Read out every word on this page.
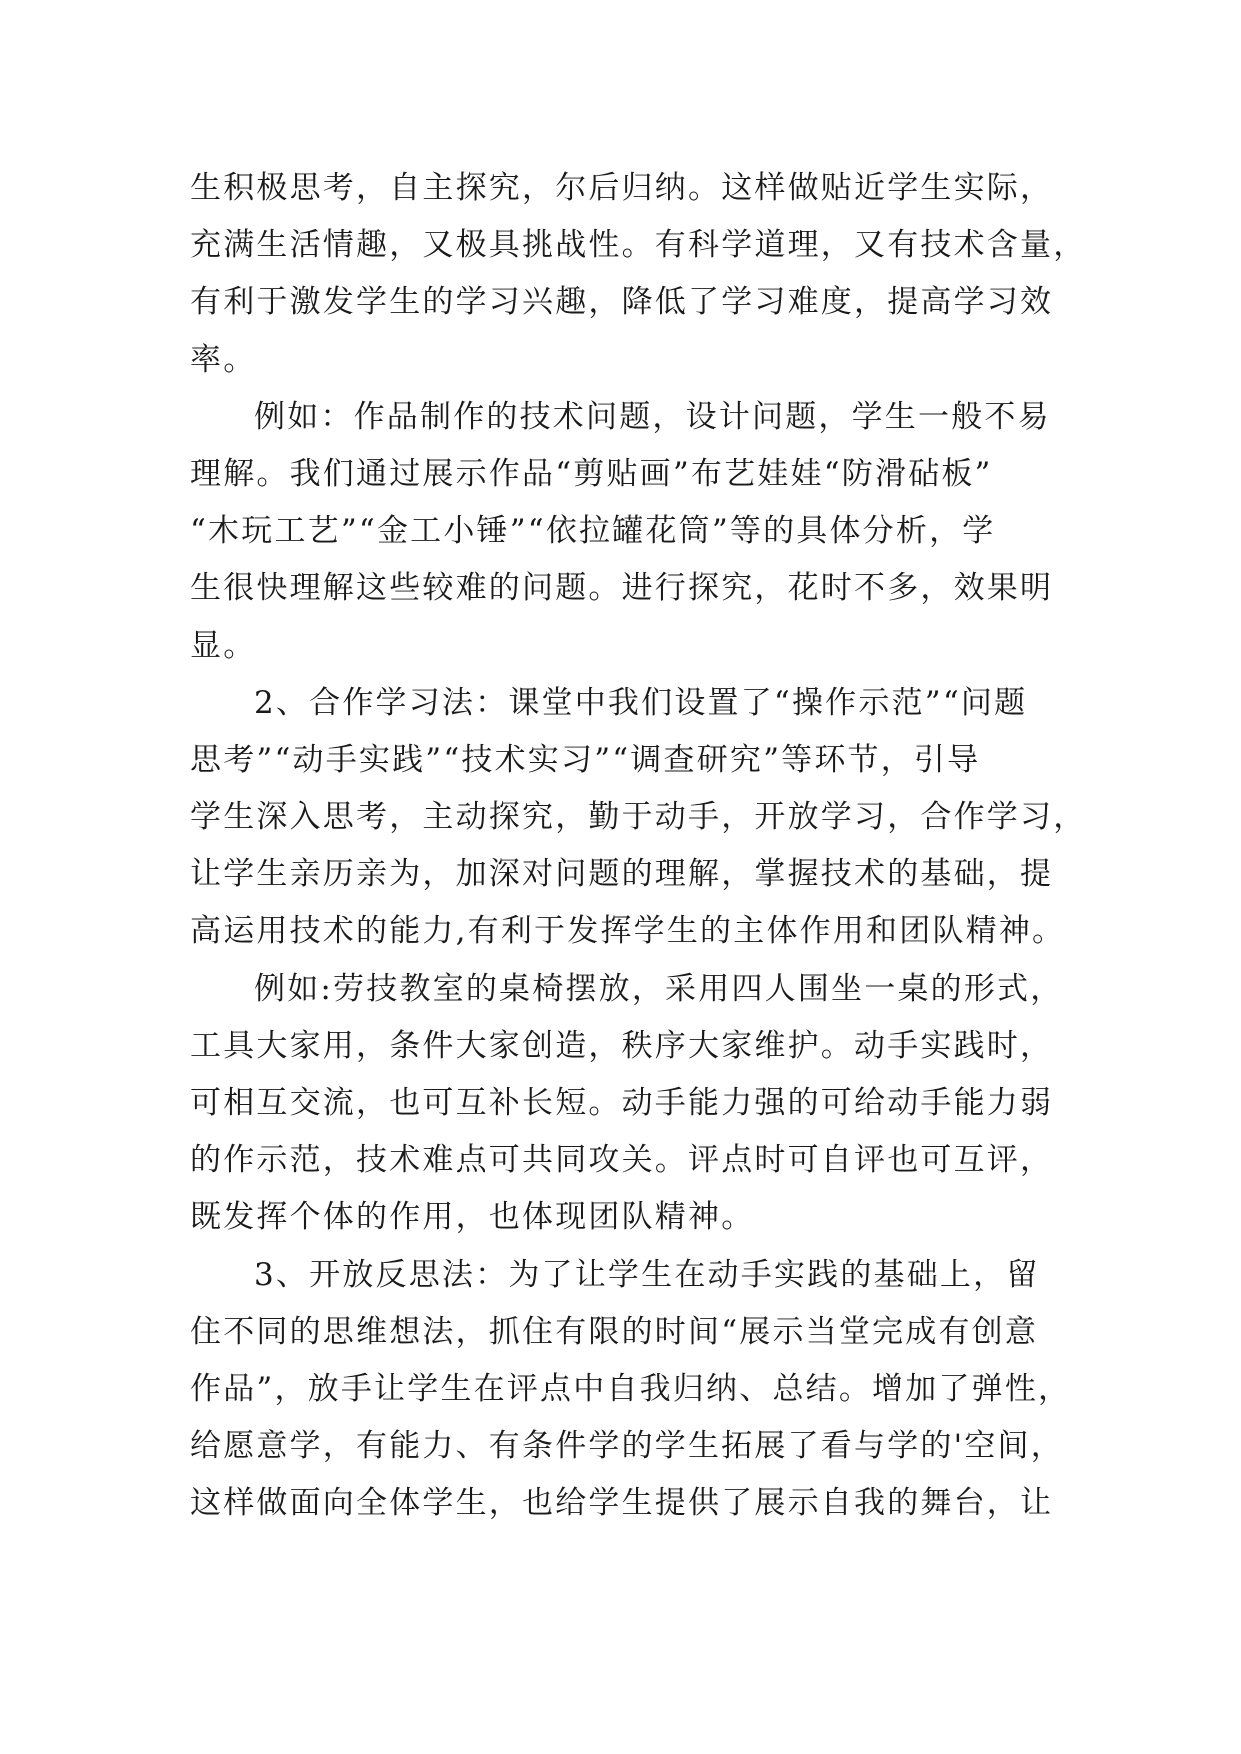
生积极思考，自主探究，尔后归纳。这样做贴近学生实际，
充满生活情趣，又极具挑战性。有科学道理，又有技术含量，
有利于激发学生的学习兴趣，降低了学习难度，提高学习效
率。
例如：作品制作的技术问题，设计问题，学生一般不易
理解。我们通过展示作品“剪贴画”布艺娃娃“防滑砧板”
“木玩工艺”“金工小锤”“依拉罐花筒”等的具体分析，学
生很快理解这些较难的问题。进行探究，花时不多，效果明
显。
2、合作学习法：课堂中我们设置了“操作示范”“问题
思考”“动手实践”“技术实习”“调查研究”等环节，引导
学生深入思考，主动探究，勤于动手，开放学习，合作学习，
让学生亲历亲为，加深对问题的理解，掌握技术的基础，提
高运用技术的能力,有利于发挥学生的主体作用和团队精神。
例如:劳技教室的桌椅摆放，采用四人围坐一桌的形式，
工具大家用，条件大家创造，秩序大家维护。动手实践时，
可相互交流，也可互补长短。动手能力强的可给动手能力弱
的作示范，技术难点可共同攻关。评点时可自评也可互评，
既发挥个体的作用，也体现团队精神。
3、开放反思法：为了让学生在动手实践的基础上，留
住不同的思维想法，抓住有限的时间“展示当堂完成有创意
作品”，放手让学生在评点中自我归纳、总结。增加了弹性，
给愿意学，有能力、有条件学的学生拓展了看与学的'空间，
这样做面向全体学生，也给学生提供了展示自我的舞台，让
